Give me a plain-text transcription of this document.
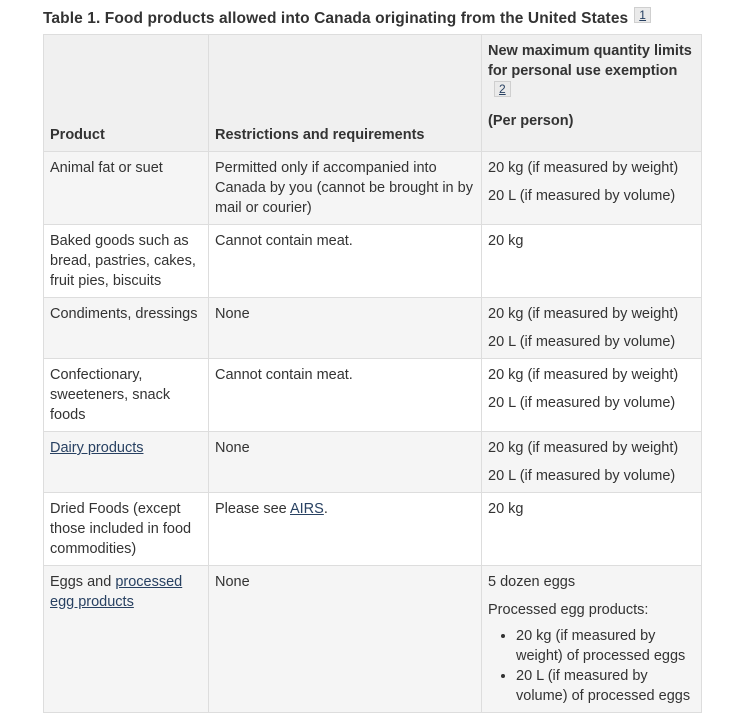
Table 1. Food products allowed into Canada originating from the United States 1
Product	Restrictions and requirements	New maximum quantity limits for personal use exemption2
(Per person)

Animal fat or suet	Permitted only if accompanied into Canada by you (cannot be brought in by mail or courier)	20 kg (if measured by weight)
20 L (if measured by volume)

Baked goods such as bread, pastries, cakes, fruit pies, biscuits	Cannot contain meat.	20 kg

Condiments, dressings	None	20 kg (if measured by weight)
20 L (if measured by volume)

Confectionary, sweeteners, snack foods	Cannot contain meat.	20 kg (if measured by weight)
20 L (if measured by volume)

Dairy products	None	20 kg (if measured by weight)
20 L (if measured by volume)

Dried Foods (except those included in food commodities)	Please see AIRS.	20 kg

Eggs and processed egg products	None	5 dozen eggs
Processed egg products:
• 20 kg (if measured by weight) of processed eggs
• 20 L (if measured by volume) of processed eggs
